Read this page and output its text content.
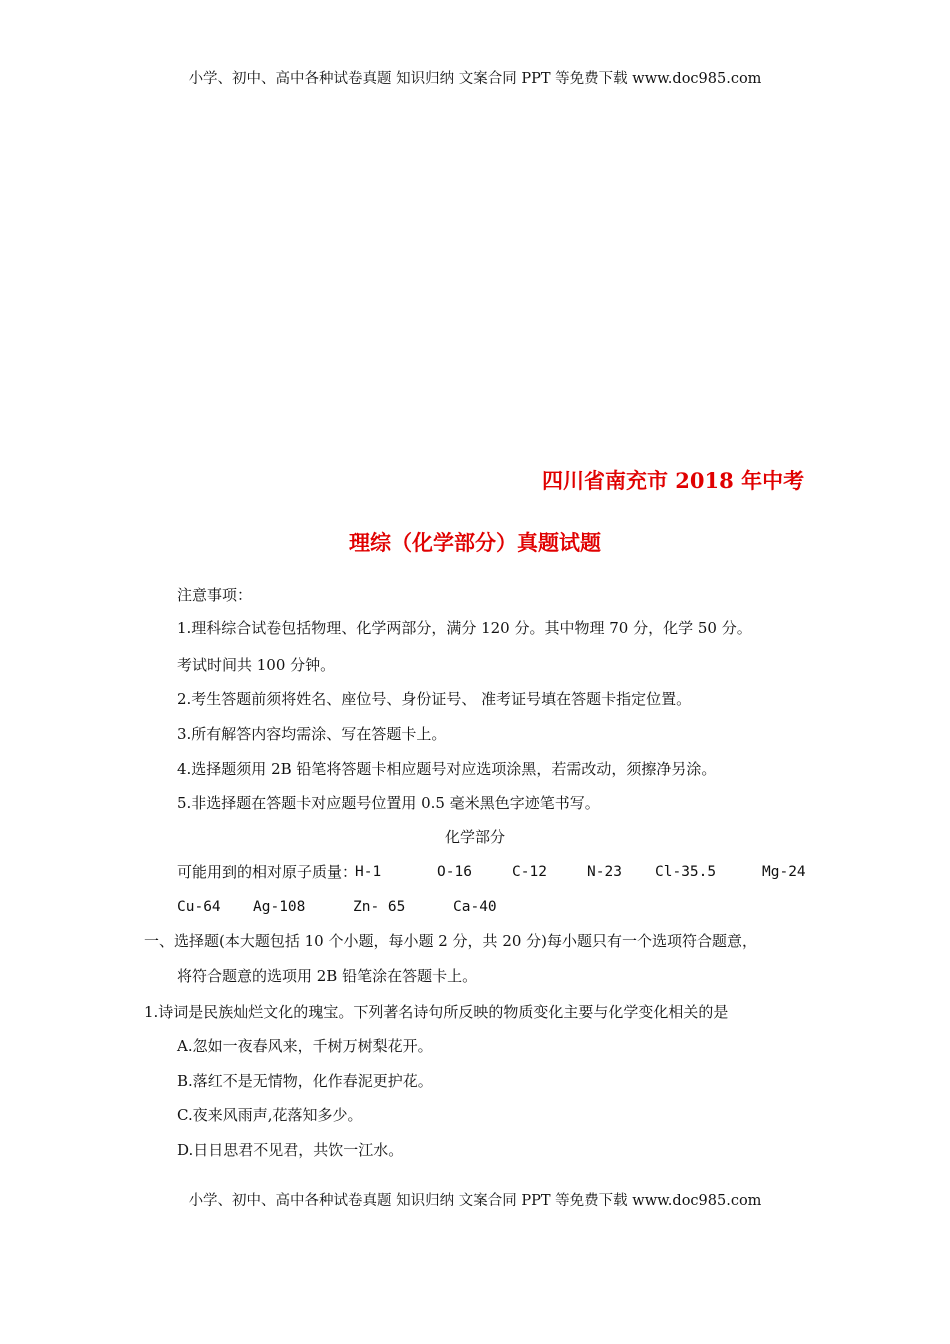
小学、初中、高中各种试卷真题 知识归纳 文案合同 PPT 等免费下载 www.doc985.com
四川省南充市 2018 年中考
理综（化学部分）真题试题
注意事项：
1.理科综合试卷包括物理、化学两部分，满分 120 分。其中物理 70 分，化学 50 分。
考试时间共 100 分钟。
2.考生答题前须将姓名、座位号、身份证号、 准考证号填在答题卡指定位置。
3.所有解答内容均需涂、写在答题卡上。
4.选择题须用 2B 铅笔将答题卡相应题号对应选项涂黑，若需改动，须擦净另涂。
5.非选择题在答题卡对应题号位置用 0.5 毫米黑色字迹笔书写。
化学部分
可能用到的相对原子质量：
H-1	O-16	C-12	N-23 Cl-35.5	Mg-24
Cu-64 Ag-108	Zn- 65	Ca-40
一、选择题(本大题包括 10 个小题，每小题 2 分，共 20 分)每小题只有一个选项符合题意，
将符合题意的选项用 2B 铅笔涂在答题卡上。
1.诗词是民族灿烂文化的瑰宝。下列著名诗句所反映的物质变化主要与化学变化相关的是
A.忽如一夜春风来，千树万树梨花开。
B.落红不是无情物，化作春泥更护花。
C.夜来风雨声,花落知多少。
D.日日思君不见君，共饮一江水。
小学、初中、高中各种试卷真题 知识归纳 文案合同 PPT 等免费下载 www.doc985.com
